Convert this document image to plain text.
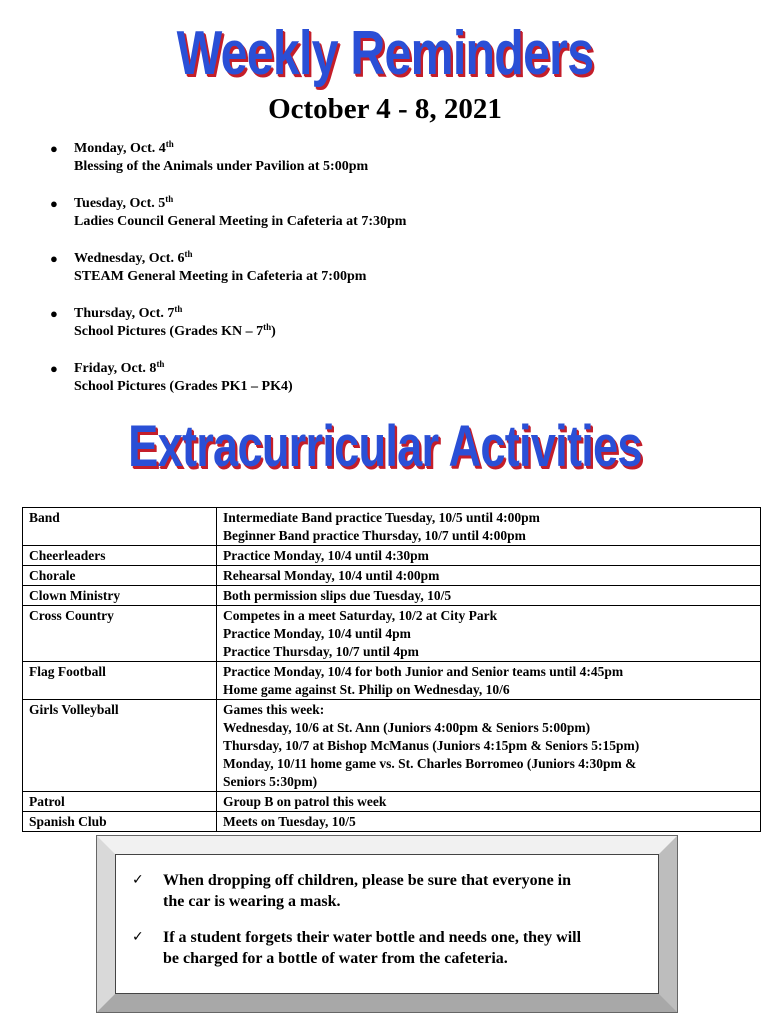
Weekly Reminders
October 4 - 8, 2021
● Monday, Oct. 4th
Blessing of the Animals under Pavilion at 5:00pm
● Tuesday, Oct. 5th
Ladies Council General Meeting in Cafeteria at 7:30pm
● Wednesday, Oct. 6th
STEAM General Meeting in Cafeteria at 7:00pm
● Thursday, Oct. 7th
School Pictures (Grades KN – 7th)
● Friday, Oct. 8th
School Pictures (Grades PK1 – PK4)
Extracurricular Activities
Band	Intermediate Band practice Tuesday, 10/5 until 4:00pm
Beginner Band practice Thursday, 10/7 until 4:00pm

Cheerleaders	Practice Monday, 10/4 until 4:30pm

Chorale	Rehearsal Monday, 10/4 until 4:00pm

Clown Ministry	Both permission slips due Tuesday, 10/5

Cross Country	Competes in a meet Saturday, 10/2 at City Park
Practice Monday, 10/4 until 4pm
Practice Thursday, 10/7 until 4pm

Flag Football	Practice Monday, 10/4 for both Junior and Senior teams until 4:45pm
Home game against St. Philip on Wednesday, 10/6

Girls Volleyball	Games this week:
Wednesday, 10/6 at St. Ann (Juniors 4:00pm & Seniors 5:00pm)
Thursday, 10/7 at Bishop McManus (Juniors 4:15pm & Seniors 5:15pm)
Monday, 10/11 home game vs. St. Charles Borromeo (Juniors 4:30pm &
Seniors 5:30pm)

Patrol	Group B on patrol this week

Spanish Club	Meets on Tuesday, 10/5
✓ When dropping off children, please be sure that everyone in
the car is wearing a mask.
✓ If a student forgets their water bottle and needs one, they will
be charged for a bottle of water from the cafeteria.
